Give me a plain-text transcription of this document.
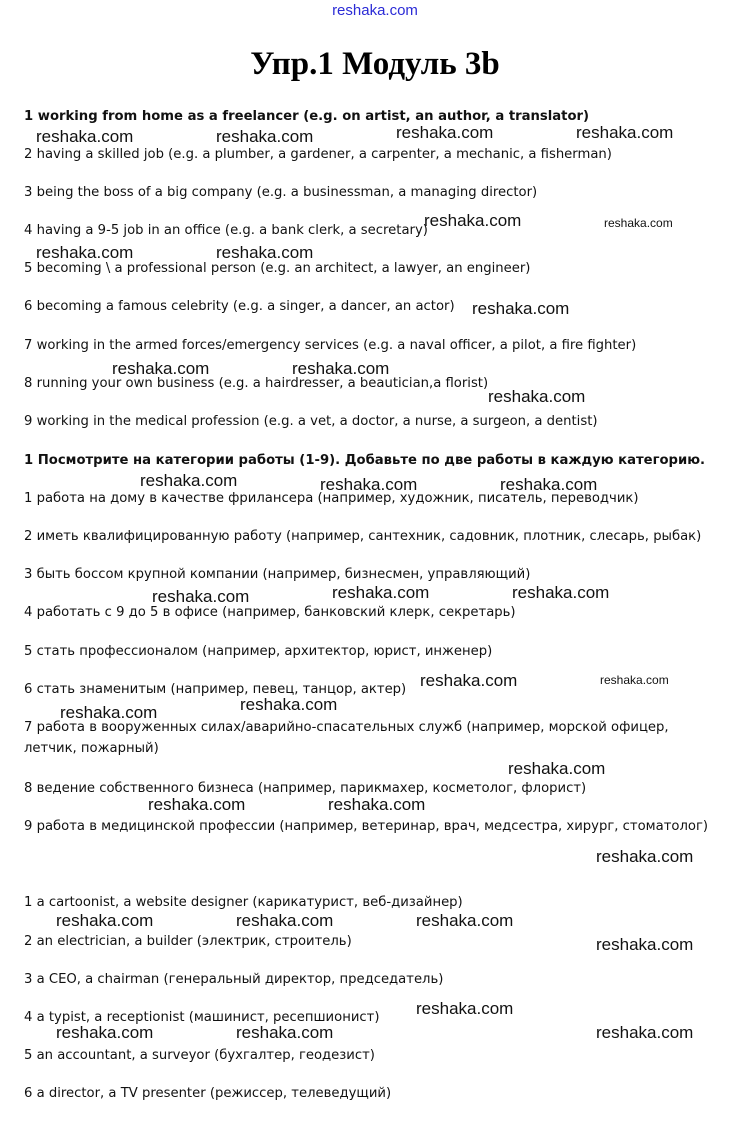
reshaka.com
Упр.1 Модуль 3b
1 working from home as a freelancer (e.g. on artist, an author, a translator)
2 having a skilled job (e.g. a plumber, a gardener, a carpenter, a mechanic, a fisherman)
3 being the boss of a big company (e.g. a businessman, a managing director)
4 having a 9-5 job in an office (e.g. a bank clerk, a secretary)
5 becoming \ a professional person (e.g. an architect, a lawyer, an engineer)
6 becoming a famous celebrity (e.g. a singer, a dancer, an actor)
7 working in the armed forces/emergency services (e.g. a naval officer, a pilot, a fire fighter)
8 running your own business (e.g. a hairdresser, a beautician,a florist)
9 working in the medical profession (e.g. a vet, a doctor, a nurse, a surgeon, a dentist)
1 Посмотрите на категории работы (1-9). Добавьте по две работы в каждую категорию.
1 работа на дому в качестве фрилансера (например, художник, писатель, переводчик)
2 иметь квалифицированную работу (например, сантехник, садовник, плотник, слесарь, рыбак)
3 быть боссом крупной компании (например, бизнесмен, управляющий)
4 работать с 9 до 5 в офисе (например, банковский клерк, секретарь)
5 стать профессионалом (например, архитектор, юрист, инженер)
6 стать знаменитым (например, певец, танцор, актер)
7 работа в вооруженных силах/аварийно-спасательных служб (например, морской офицер, летчик, пожарный)
8 ведение собственного бизнеса (например, парикмахер, косметолог, флорист)
9 работа в медицинской профессии (например, ветеринар, врач, медсестра, хирург, стоматолог)
1 a cartoonist, a website designer (карикатурист, веб-дизайнер)
2 an electrician, a builder (электрик, строитель)
3 a CEO, a chairman (генеральный директор, председатель)
4 a typist, a receptionist (машинист, ресепшионист)
5 an accountant, a surveyor (бухгалтер, геодезист)
6 a director, a TV presenter (режиссер, телеведущий)
reshaka.com	reshaka.com	reshaka.com	reshaka.com
reshaka.com	reshaka.com
reshaka.com	reshaka.com
reshaka.com
reshaka.com	reshaka.com
reshaka.com
reshaka.com	reshaka.com	reshaka.com
reshaka.com	reshaka.com	reshaka.com
reshaka.com	reshaka.com
reshaka.com	reshaka.com
reshaka.com
reshaka.com	reshaka.com
reshaka.com
reshaka.com	reshaka.com	reshaka.com
reshaka.com
reshaka.com
reshaka.com	reshaka.com	reshaka.com
